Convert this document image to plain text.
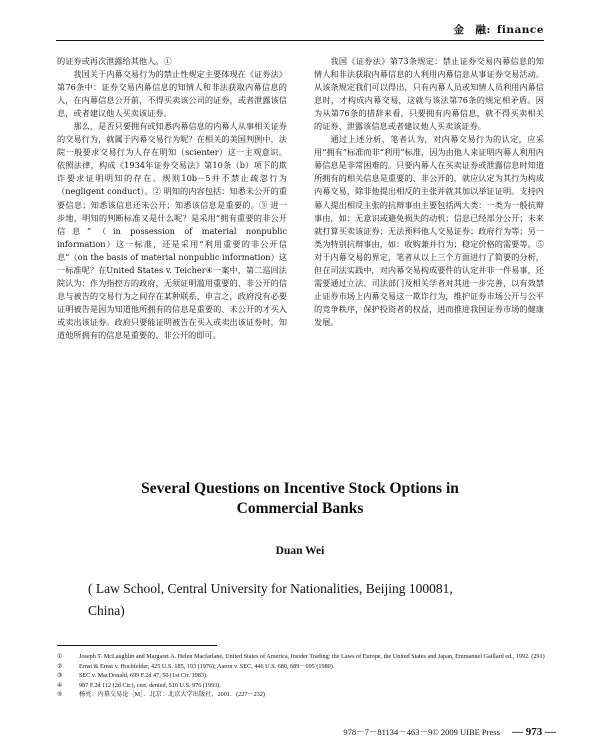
金　融: finance

的证券或再次泄露给其他人。①

我国关于内幕交易行为的禁止性规定主要体现在《证券法》第76条中：证券交易内幕信息的知情人和非法获取内幕信息的人，在内幕信息公开前，不得买卖该公司的证券，或者泄露该信息，或者建议他人买卖该证券。

那么，是否只要拥有或知悉内幕信息的内幕人从事相关证券的交易行为，就属于内幕交易行为呢？在相关的美国判例中，法院一般要求交易行为人存在明知（scienter）这一主观意识。依照法律，构成《1934年证券交易法》第10条（b）项下的欺诈要求证明明知的存在。规则10b－5并不禁止疏忽行为（negligent conduct）。② 明知的内容包括：知悉未公开的重要信息；知悉该信息还未公开；知悉该信息是重要的。③ 进一步地，明知的判断标准又是什么呢？是采用“拥有重要的非公开信息”（in possession of material nonpublic information）这一标准，还是采用“利用重要的非公开信息”（on the basis of material nonpublic information）这一标准呢？在United States v. Teicher④一案中，第二巡回法院认为：作为指控方的政府，无须证明滥用重要的、非公开的信息与被告的交易行为之间存在某种联系，申言之，政府没有必要证明被告是因为知道他所拥有的信息是重要的、未公开的才买入或卖出该证券。政府只要能证明被告在买入或卖出该证券时，知道他所拥有的信息是重要的、非公开的即可。

我国《证券法》第73条规定：禁止证券交易内幕信息的知情人和非法获取内幕信息的人利用内幕信息从事证券交易活动。从该条规定我们可以得出，只有内幕人员或知情人员利用内幕信息时，才构成内幕交易，这就与该法第76条的规定相矛盾。因为从第76条的措辞来看，只要拥有内幕信息，就不得买卖相关的证券、泄露该信息或者建议他人买卖该证券。

通过上述分析，笔者认为，对内幕交易行为的认定，应采用“拥有”标准而非“利用”标准，因为由他人来证明内幕人利用内幕信息是非常困难的。只要内幕人在买卖证券或泄露信息时知道所拥有的相关信息是重要的、非公开的，就应认定为其行为构成内幕交易，除非他提出相反的主张并就其加以举证证明。支持内幕人提出相反主张的抗辩事由主要包括两大类：一类为一般抗辩事由，如：无意识或避免损失的动机；信息已经部分公开；未来就打算买卖该证券；无法预料他人交易证券；政府行为等；另一类为特别抗辩事由，如：收购兼并行为；稳定价格的需要等。⑤ 对于内幕交易的界定，笔者从以上三个方面进行了简要的分析，但在司法实践中，对内幕交易构成要件的认定并非一件易事，还需要通过立法、司法部门及相关学者对其进一步完善，以有效禁止证券市场上内幕交易这一欺诈行为，维护证券市场公开与公平的竞争秩序，保护投资者的权益，进而推进我国证券市场的健康发展。

Several Questions on Incentive Stock Options in
Commercial Banks
Duan Wei
( Law School, Central University for Nationalities, Beijing 100081,
China)
①	Joseph T. McLaughlin and Margaret A. Helen Macfarlane, United States of America, Insider Trading: the Laws of Europe, the United States and Japan, Emmanuel Gaillard ed., 1992. (291)
②	Ernst & Ernst v. Hochfelder, 425 U.S. 185, 193 (1976); Aaron v. SEC, 446 U.S. 680, 689－695 (1980).
③	SEC v. MacDonald, 699 F.2d 47, 50 (1st Cir. 1983).
④	987 F.2d 112 (2d Cir.), cert. denied, 510 U.S. 976 (1993).
⑤	杨亮：内幕交易论［M］．北京：北京大学出版社，2001．(227－232)
978－7－81134－463－9© 2009 UIBE Press — 973 —
